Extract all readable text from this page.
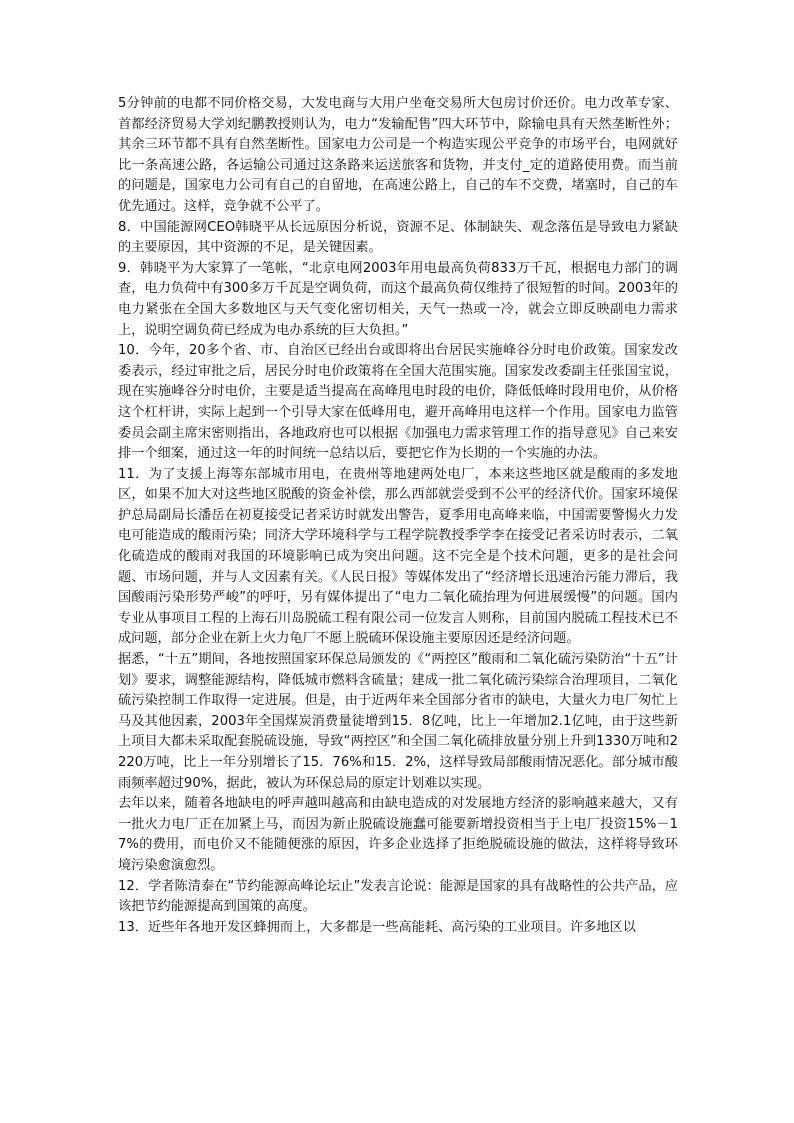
5分钟前的电都不同价格交易，大发电商与大用户坐奄交易所大包房讨价还价。电力改革专家、首都经济贸易大学刘纪鹏教授则认为，电力“发输配售”四大环节中，除输电具有天然垄断性外；其余三环节都不具有自然垄断性。国家电力公司是一个构造实现公平竞争的市场平台，电网就好比一条高速公路，各运输公司通过这条路来运送旅客和货物，并支付_定的道路使用费。而当前的问题是，国家电力公司有自己的自留地，在高速公路上，自己的车不交费，堵塞时，自己的车优先通过。这样，竞争就不公平了。

8．中国能源网CEO韩晓平从长远原因分析说，资源不足、体制缺失、观念落伍是导致电力紧缺的主要原因，其中资源的不足，是关键因素。

9．韩晓平为大家算了一笔帐，“北京电网2003年用电最高负荷833万千瓦，根据电力部门的调查，电力负荷中有300多万千瓦是空调负荷，而这个最高负荷仅维持了很短暂的时间。2003年的电力紧张在全国大多数地区与天气变化密切相关，天气一热或一冷，就会立即反映副电力需求上，说明空调负荷已经成为电办系统的巨大负担。”

10．今年，20多个省、市、自治区已经出台或即将出台居民实施峰谷分时电价政策。国家发改委表示，经过审批之后，居民分时电价政策将在全国大范围实施。国家发改委副主任张国宝说，现在实施峰谷分时电价，主要是适当提高在高峰甩电时段的电价，降低低峰时段用电价，从价格这个杠杆讲，实际上起到一个引导大家在低峰用电，避开高峰用电这样一个作用。国家电力监管委员会副主席宋密则指出，各地政府也可以根据《加强电力需求管理工作的指导意见》自己来安排一个细案，通过这一年的时间统一总结以后，要把它作为长期的一个实施的办法。

11．为了支援上海等东部城市用电，在贵州等地建两处电厂，本来这些地区就是酸雨的多发地区，如果不加大对这些地区脱酸的资金补偿，那么西部就尝受到不公平的经济代价。国家环境保护总局副局长潘岳在初夏接受记者采访时就发出警告，夏季用电高峰来临，中国需要警惕火力发电可能造成的酸雨污染；同济大学环境科学与工程学院教授季学李在接受记者采访时表示，二氧化硫造成的酸雨对我国的环境影响已成为突出问题。这不完全是个技术问题，更多的是社会问题、市场问题，并与人文因素有关。《人民日报》等媒体发出了“经济增长迅速治污能力滞后，我国酸雨污染形势严峻”的呼吁，另有媒体提出了“电力二氧化硫抬理为何进展缓慢”的问题。国内专业从事项目工程的上海石川岛脱硫工程有限公司一位发言人则称，目前国内脱硫工程技术已不成问题，部分企业在新上火力龟厂不愿上脱硫环保设施主要原因还是经济问题。

据悉，“十五”期间，各地按照国家环保总局颁发的《“两控区”酸雨和二氧化硫污染防治“十五”计划》要求，调整能源结构，降低城市燃料含硫量；建成一批二氧化硫污染综合治理项目，二氧化硫污染控制工作取得一定进展。但是，由于近两年来全国部分省市的缺电，大量火力电厂匆忙上马及其他因素，2003年全国煤炭消费量徒增到15．8亿吨，比上一年增加2.1亿吨，由于这些新上项目大都未采取配套脱硫设施，导致“两控区”和全国二氧化硫排放量分别上升到1330万吨和2220万吨，比上一年分别增长了15．76%和15．2%，这样导致局部酸雨情况恶化。部分城市酸雨频率超过90%，据此，被认为环保总局的原定计划难以实现。

去年以来，随着各地缺电的呼声越叫越高和由缺电造成的对发展地方经济的影响越来越大，又有一批火力电厂正在加紧上马，而因为新止脱硫设施蠢可能要新增投资相当于上电厂投资15%－17%的费用，而电价又不能随便涨的原因，许多企业选择了拒绝脱硫设施的做法，这样将导致环境污染愈演愈烈。

12．学者陈清泰在“节约能源高峰论坛止”发表言论说：能源是国家的具有战略性的公共产品，应该把节约能源提高到国策的高度。

13．近些年各地开发区蜂拥而上，大多都是一些高能耗、高污染的工业项目。许多地区以
